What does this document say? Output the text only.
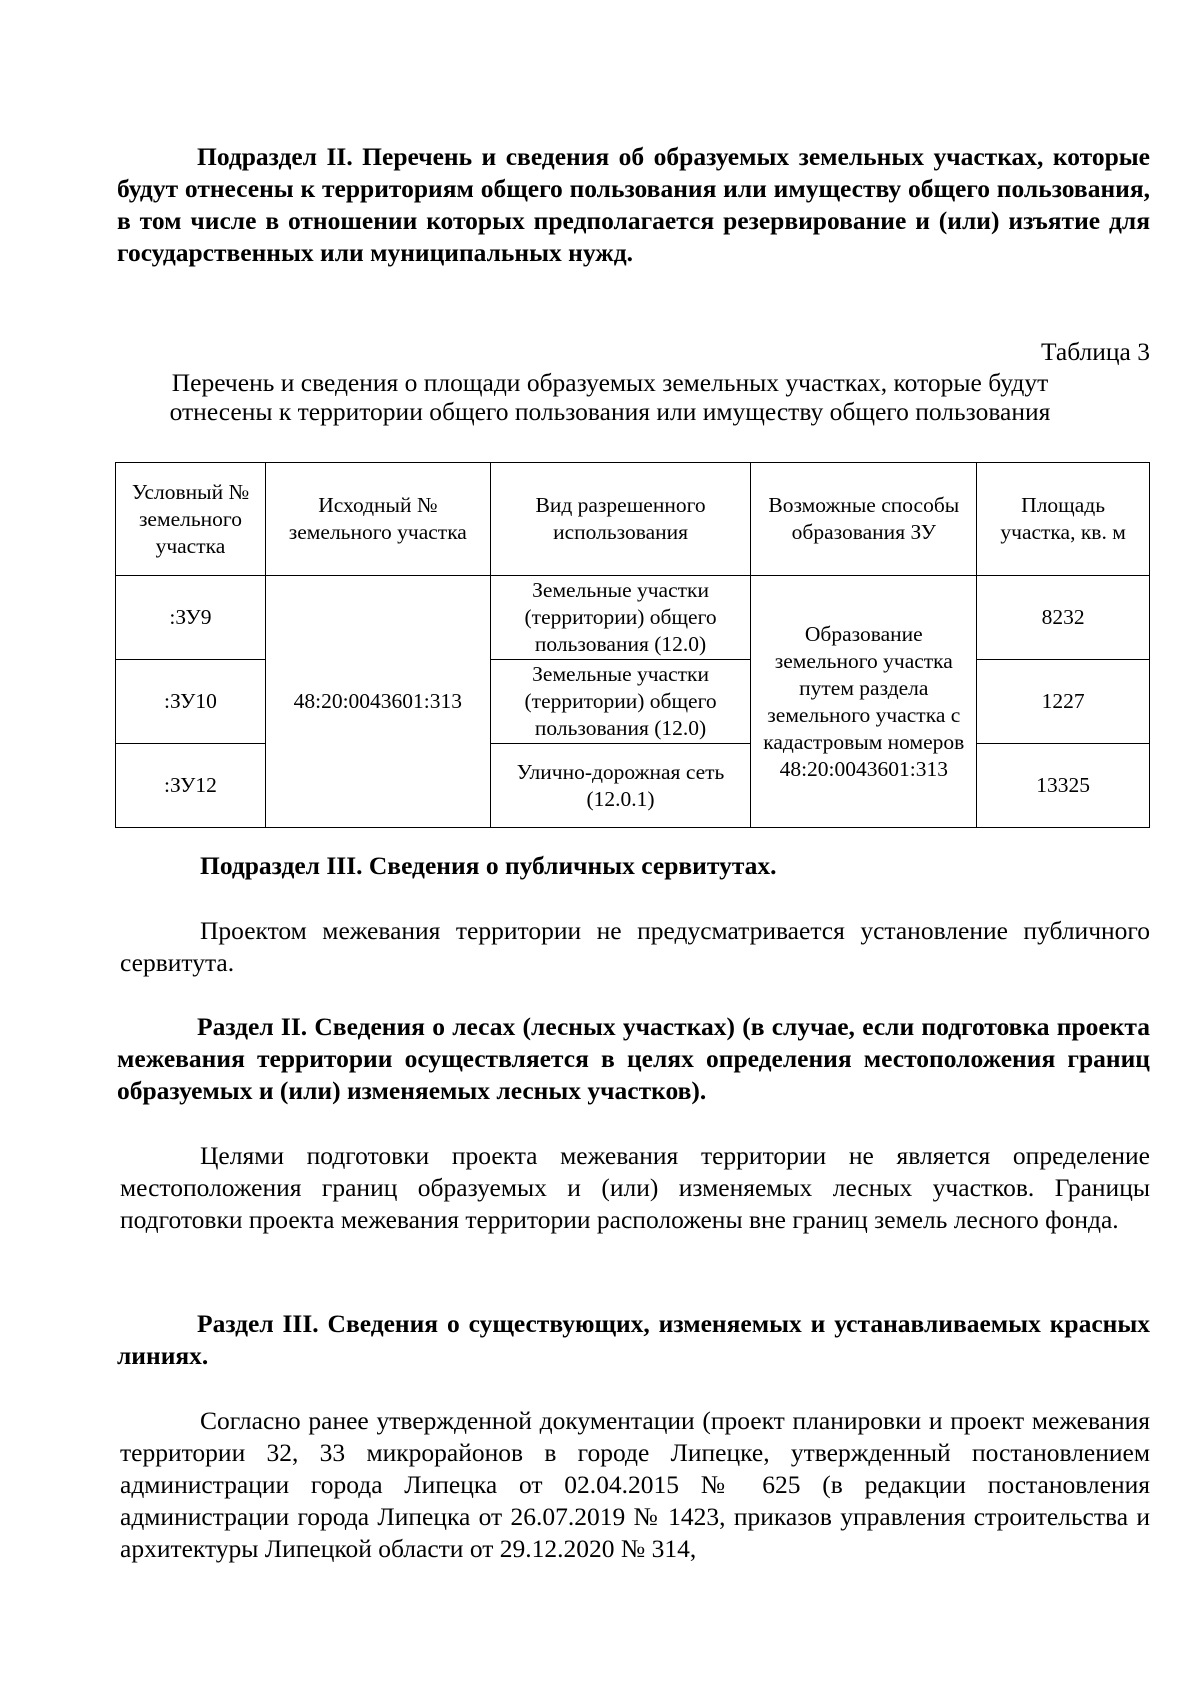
Подраздел II. Перечень и сведения об образуемых земельных участках, которые будут отнесены к территориям общего пользования или имуществу общего пользования, в том числе в отношении которых предполагается резервирование и (или) изъятие для государственных или муниципальных нужд.

Таблица 3

Перечень и сведения о площади образуемых земельных участках, которые будут отнесены к территории общего пользования или имуществу общего пользования

Условный № земельного участка	Исходный № земельного участка	Вид разрешенного использования	Возможные способы образования ЗУ	Площадь участка, кв. м
:ЗУ9	48:20:0043601:313	Земельные участки (территории) общего пользования (12.0)	Образование земельного участка путем раздела земельного участка с кадастровым номеров 48:20:0043601:313	8232
:ЗУ10		Земельные участки (территории) общего пользования (12.0)		1227
:ЗУ12		Улично-дорожная сеть (12.0.1)		13325

Подраздел III. Сведения о публичных сервитутах.

Проектом межевания территории не предусматривается установление публичного сервитута.

Раздел II. Сведения о лесах (лесных участках) (в случае, если подготовка проекта межевания территории осуществляется в целях определения местоположения границ образуемых и (или) изменяемых лесных участков).

Целями подготовки проекта межевания территории не является определение местоположения границ образуемых и (или) изменяемых лесных участков. Границы подготовки проекта межевания территории расположены вне границ земель лесного фонда.

Раздел III. Сведения о существующих, изменяемых и устанавливаемых красных линиях.

Согласно ранее утвержденной документации (проект планировки и проект межевания территории 32, 33 микрорайонов в городе Липецке, утвержденный постановлением администрации города Липецка от 02.04.2015 № 625 (в редакции постановления администрации города Липецка от 26.07.2019 № 1423, приказов управления строительства и архитектуры Липецкой области от 29.12.2020 № 314,
